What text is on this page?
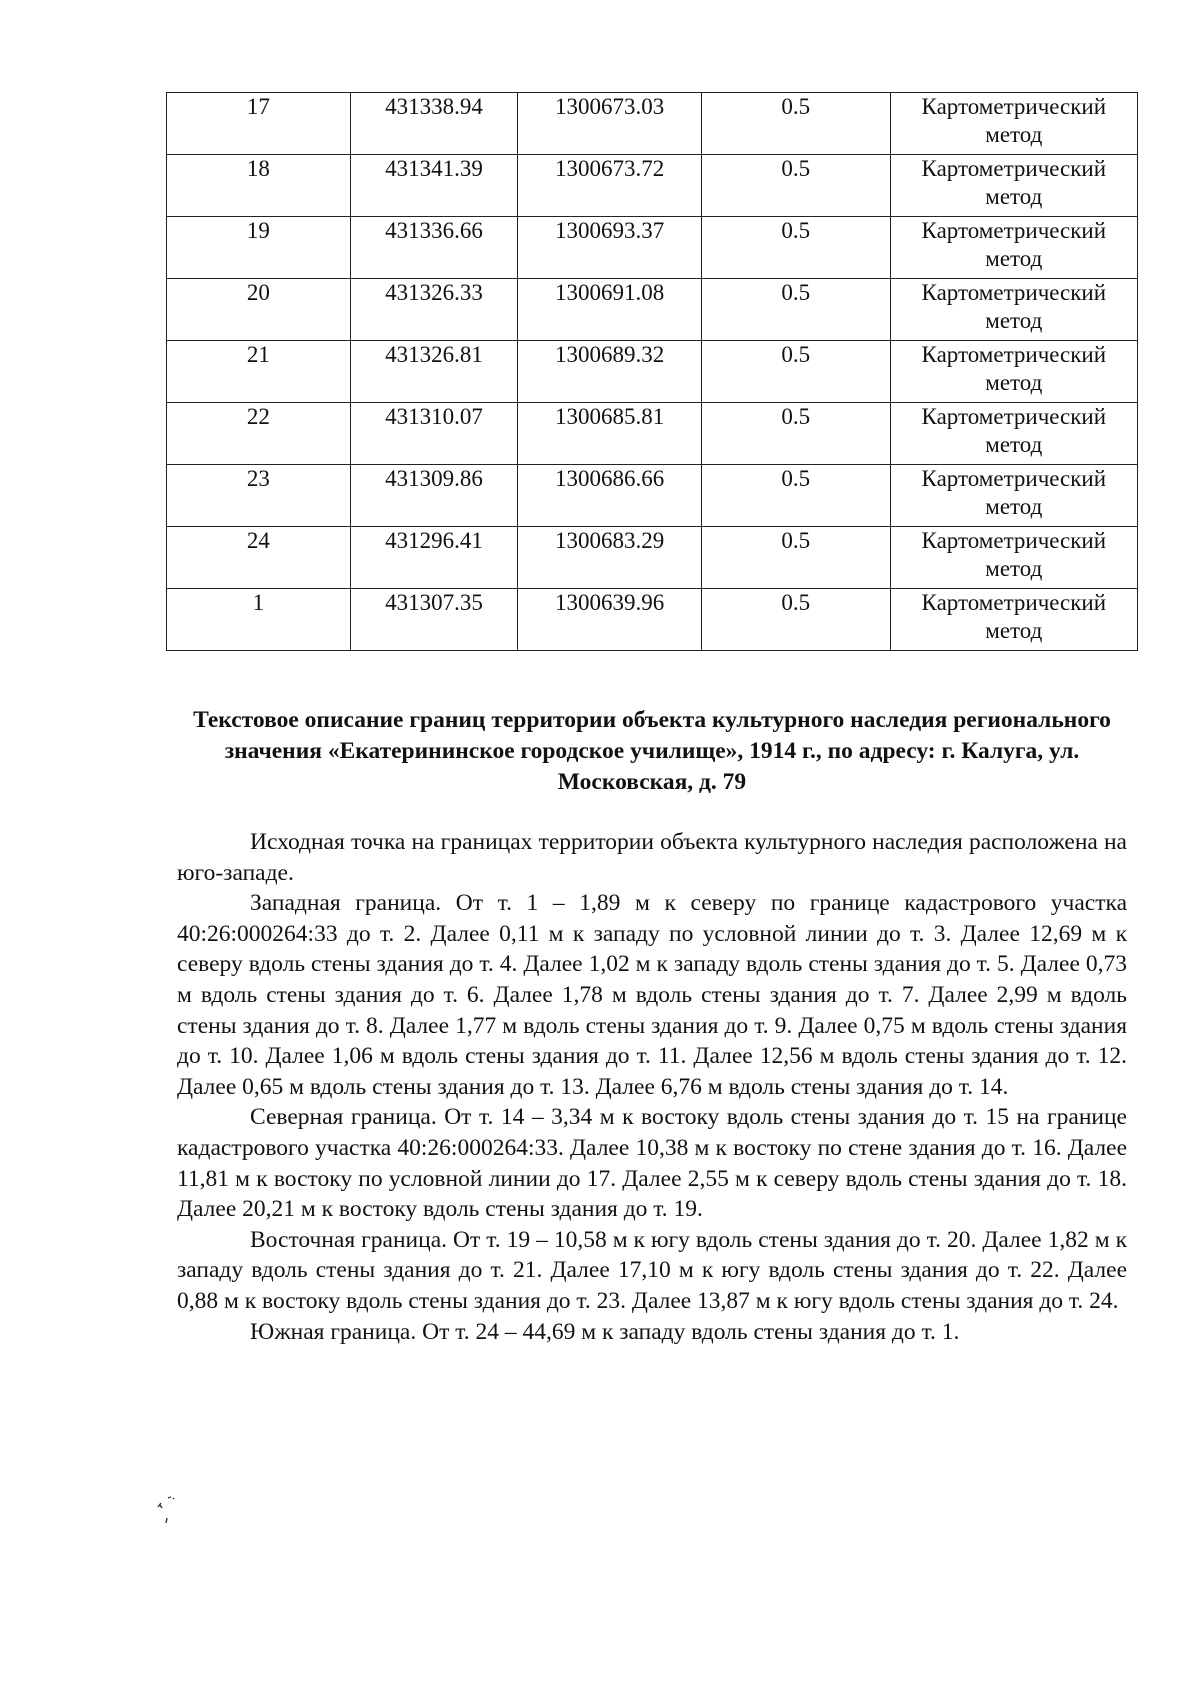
17	431338.94	1300673.03	0.5	Картометрический метод
18	431341.39	1300673.72	0.5	Картометрический метод
19	431336.66	1300693.37	0.5	Картометрический метод
20	431326.33	1300691.08	0.5	Картометрический метод
21	431326.81	1300689.32	0.5	Картометрический метод
22	431310.07	1300685.81	0.5	Картометрический метод
23	431309.86	1300686.66	0.5	Картометрический метод
24	431296.41	1300683.29	0.5	Картометрический метод
1	431307.35	1300639.96	0.5	Картометрический метод
Текстовое описание границ территории объекта культурного наследия регионального значения «Екатерининское городское училище», 1914 г., по адресу: г. Калуга, ул. Московская, д. 79

Исходная точка на границах территории объекта культурного наследия расположена на юго-западе.

Западная граница. От т. 1 – 1,89 м к северу по границе кадастрового участка 40:26:000264:33 до т. 2. Далее 0,11 м к западу по условной линии до т. 3. Далее 12,69 м к северу вдоль стены здания до т. 4. Далее 1,02 м к западу вдоль стены здания до т. 5. Далее 0,73 м вдоль стены здания до т. 6. Далее 1,78 м вдоль стены здания до т. 7. Далее 2,99 м вдоль стены здания до т. 8. Далее 1,77 м вдоль стены здания до т. 9. Далее 0,75 м вдоль стены здания до т. 10. Далее 1,06 м вдоль стены здания до т. 11. Далее 12,56 м вдоль стены здания до т. 12. Далее 0,65 м вдоль стены здания до т. 13. Далее 6,76 м вдоль стены здания до т. 14.

Северная граница. От т. 14 – 3,34 м к востоку вдоль стены здания до т. 15 на границе кадастрового участка 40:26:000264:33. Далее 10,38 м к востоку по стене здания до т. 16. Далее 11,81 м к востоку по условной линии до 17. Далее 2,55 м к северу вдоль стены здания до т. 18. Далее 20,21 м к востоку вдоль стены здания до т. 19.

Восточная граница. От т. 19 – 10,58 м к югу вдоль стены здания до т. 20. Далее 1,82 м к западу вдоль стены здания до т. 21. Далее 17,10 м к югу вдоль стены здания до т. 22. Далее 0,88 м к востоку вдоль стены здания до т. 23. Далее 13,87 м к югу вдоль стены здания до т. 24.

Южная граница. От т. 24 – 44,69 м к западу вдоль стены здания до т. 1.
